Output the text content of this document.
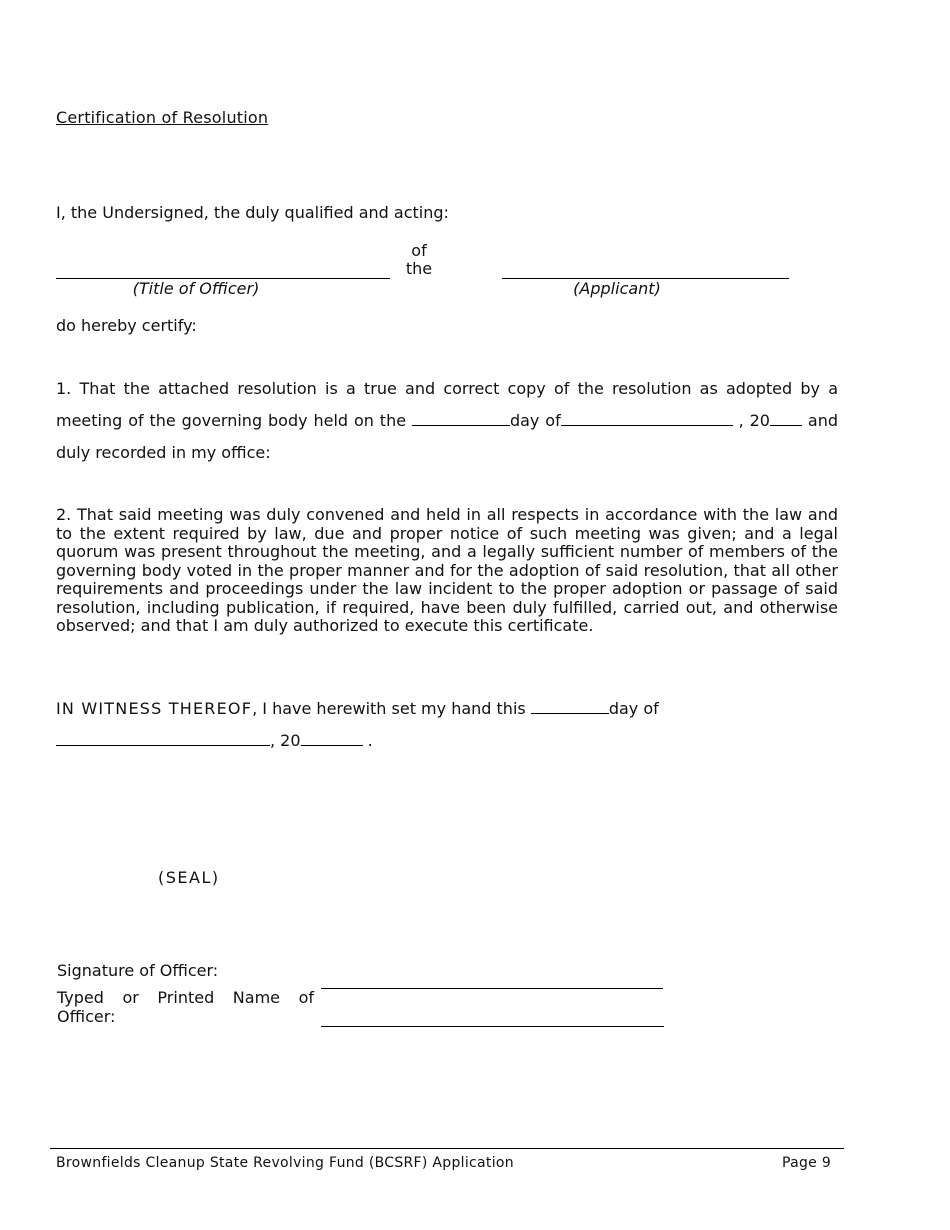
Certification of Resolution
I, the Undersigned, the duly qualified and acting:
of
the
(Title of Officer)	(Applicant)
do hereby certify:
1. That the attached resolution is a true and correct copy of the resolution as adopted by a meeting of the governing body held on the	day of	, 20 and duly recorded in my office:

2. That said meeting was duly convened and held in all respects in accordance with the law and to the extent required by law, due and proper notice of such meeting was given; and a legal quorum was present throughout the meeting, and a legally sufficient number of members of the governing body voted in the proper manner and for the adoption of said resolution, that all other requirements and proceedings under the law incident to the proper adoption or passage of said resolution, including publication, if required, have been duly fulfilled, carried out, and otherwise observed; and that I am duly authorized to execute this certificate.

IN WITNESS THEREOF, I have herewith set my hand this	day of
, 20	.
(SEAL)
Signature of Officer:
Typed or Printed Name of
Officer:
Brownfields Cleanup State Revolving Fund (BCSRF) Application	Page 9
